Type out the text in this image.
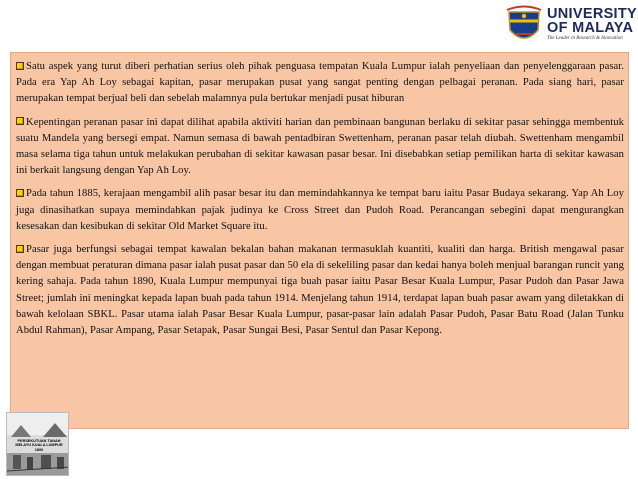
UNIVERSITY
OF MALAYA
The Leader in Research & Innovation

Satu aspek yang turut diberi perhatian serius oleh pihak penguasa tempatan Kuala Lumpur ialah penyeliaan dan penyelenggaraan pasar. Pada era Yap Ah Loy sebagai kapitan, pasar merupakan pusat yang sangat penting dengan pelbagai peranan. Pada siang hari, pasar merupakan tempat berjual beli dan sebelah malamnya pula bertukar menjadi pusat hiburan

Kepentingan peranan pasar ini dapat dilihat apabila aktiviti harian dan pembinaan bangunan berlaku di sekitar pasar sehingga membentuk suatu Mandela yang bersegi empat. Namun semasa di bawah pentadbiran Swettenham, peranan pasar telah diubah. Swettenham mengambil masa selama tiga tahun untuk melakukan perubahan di sekitar kawasan pasar besar. Ini disebabkan setiap pemilikan harta di sekitar kawasan ini berkait langsung dengan Yap Ah Loy.

Pada tahun 1885, kerajaan mengambil alih pasar besar itu dan memindahkannya ke tempat baru iaitu Pasar Budaya sekarang. Yap Ah Loy juga dinasihatkan supaya memindahkan pajak judinya ke Cross Street dan Pudoh Road. Perancangan sebegini dapat mengurangkan kesesakan dan kesibukan di sekitar Old Market Square itu.

Pasar juga berfungsi sebagai tempat kawalan bekalan bahan makanan termasuklah kuantiti, kualiti dan harga. British mengawal pasar dengan membuat peraturan dimana pasar ialah pusat pasar dan 50 ela di sekeliling pasar dan kedai hanya boleh menjual barangan runcit yang kering sahaja. Pada tahun 1890, Kuala Lumpur mempunyai tiga buah pasar iaitu Pasar Besar Kuala Lumpur, Pasar Pudoh dan Pasar Jawa Street; jumlah ini meningkat kepada lapan buah pada tahun 1914. Menjelang tahun 1914, terdapat lapan buah pasar awam yang diletakkan di bawah kelolaan SBKL. Pasar utama ialah Pasar Besar Kuala Lumpur, pasar-pasar lain adalah Pasar Pudoh, Pasar Batu Road (Jalan Tunku Abdul Rahman), Pasar Ampang, Pasar Setapak, Pasar Sungai Besi, Pasar Sentul dan Pasar Kepong.

PERSEKUTUAN TANAH MELAYU KUALA LUMPUR 1890
